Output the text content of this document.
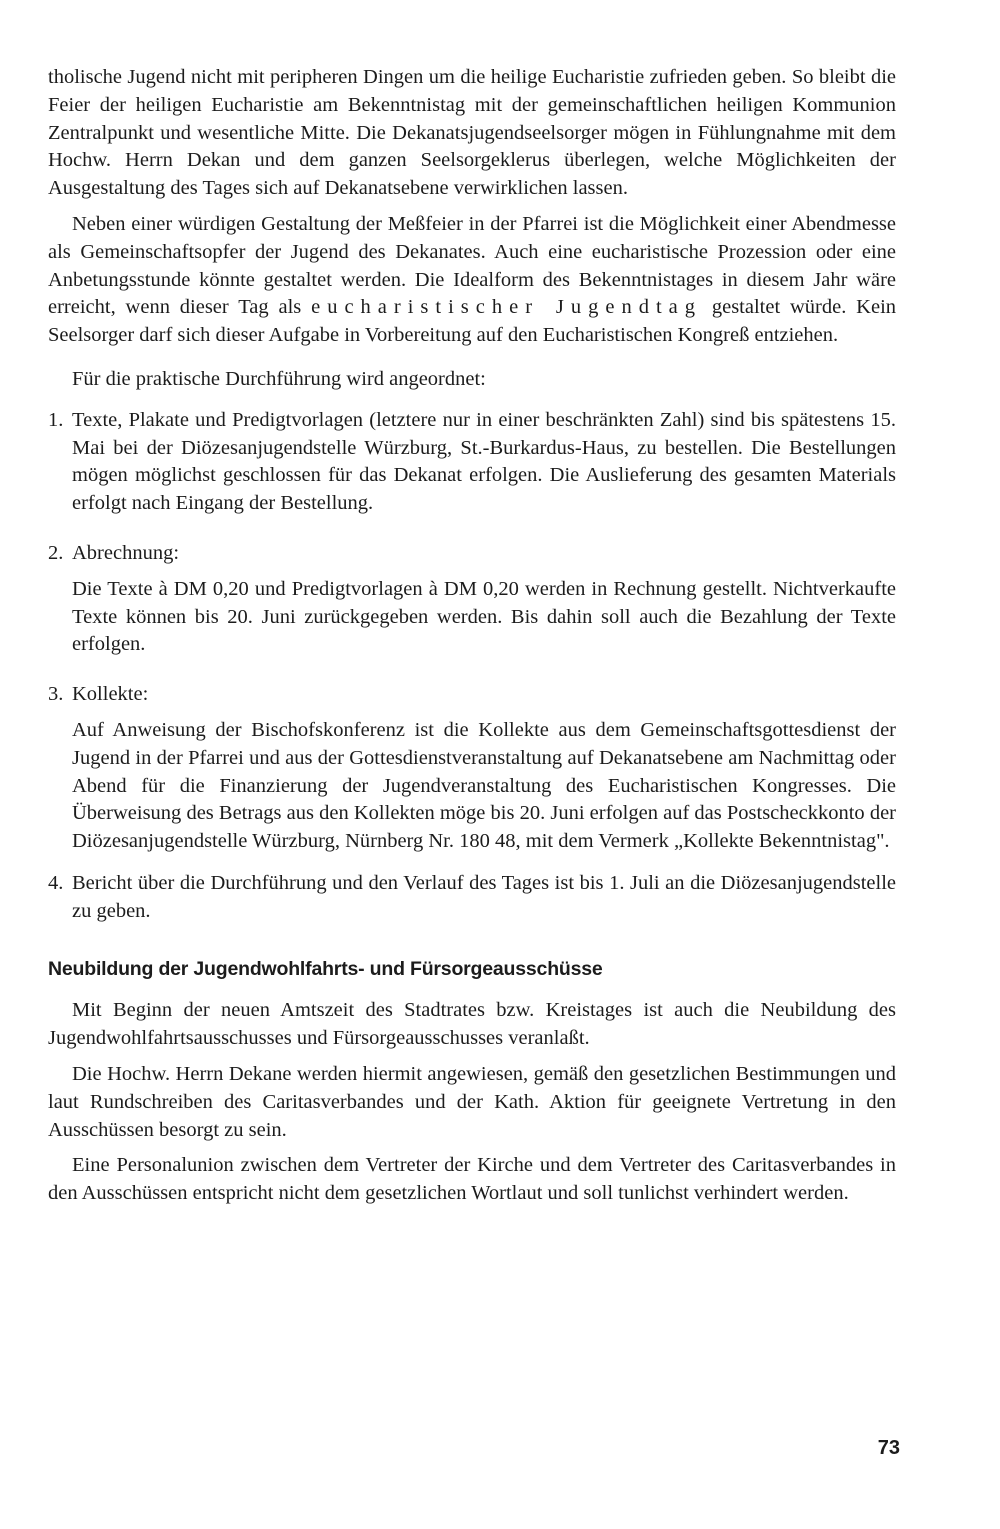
tholische Jugend nicht mit peripheren Dingen um die heilige Eucharistie zufrieden geben. So bleibt die Feier der heiligen Eucharistie am Bekenntnistag mit der gemeinschaftlichen heiligen Kommunion Zentralpunkt und wesentliche Mitte. Die Dekanatsjugendseelsorger mögen in Fühlungnahme mit dem Hochw. Herrn Dekan und dem ganzen Seelsorgeklerus überlegen, welche Möglichkeiten der Ausgestaltung des Tages sich auf Dekanatsebene verwirklichen lassen.

Neben einer würdigen Gestaltung der Meßfeier in der Pfarrei ist die Möglichkeit einer Abendmesse als Gemeinschaftsopfer der Jugend des Dekanates. Auch eine eucharistische Prozession oder eine Anbetungsstunde könnte gestaltet werden. Die Idealform des Bekenntnistages in diesem Jahr wäre erreicht, wenn dieser Tag als eucharistischer Jugendtag gestaltet würde. Kein Seelsorger darf sich dieser Aufgabe in Vorbereitung auf den Eucharistischen Kongreß entziehen.

Für die praktische Durchführung wird angeordnet:

1. Texte, Plakate und Predigtvorlagen (letztere nur in einer beschränkten Zahl) sind bis spätestens 15. Mai bei der Diözesanjugendstelle Würzburg, St.-Burkardus-Haus, zu bestellen. Die Bestellungen mögen möglichst geschlossen für das Dekanat erfolgen. Die Auslieferung des gesamten Materials erfolgt nach Eingang der Bestellung.
2. Abrechnung:
Die Texte à DM 0,20 und Predigtvorlagen à DM 0,20 werden in Rechnung gestellt. Nichtverkaufte Texte können bis 20. Juni zurückgegeben werden. Bis dahin soll auch die Bezahlung der Texte erfolgen.
3. Kollekte:
Auf Anweisung der Bischofskonferenz ist die Kollekte aus dem Gemeinschaftsgottesdienst der Jugend in der Pfarrei und aus der Gottesdienstveranstaltung auf Dekanatsebene am Nachmittag oder Abend für die Finanzierung der Jugendveranstaltung des Eucharistischen Kongresses. Die Überweisung des Betrags aus den Kollekten möge bis 20. Juni erfolgen auf das Postscheckkonto der Diözesanjugendstelle Würzburg, Nürnberg Nr. 180 48, mit dem Vermerk „Kollekte Bekenntnistag".
4. Bericht über die Durchführung und den Verlauf des Tages ist bis 1. Juli an die Diözesanjugendstelle zu geben.
Neubildung der Jugendwohlfahrts- und Fürsorgeausschüsse

Mit Beginn der neuen Amtszeit des Stadtrates bzw. Kreistages ist auch die Neubildung des Jugendwohlfahrtsausschusses und Fürsorgeausschusses veranlaßt.

Die Hochw. Herrn Dekane werden hiermit angewiesen, gemäß den gesetzlichen Bestimmungen und laut Rundschreiben des Caritasverbandes und der Kath. Aktion für geeignete Vertretung in den Ausschüssen besorgt zu sein.

Eine Personalunion zwischen dem Vertreter der Kirche und dem Vertreter des Caritasverbandes in den Ausschüssen entspricht nicht dem gesetzlichen Wortlaut und soll tunlichst verhindert werden.

73
